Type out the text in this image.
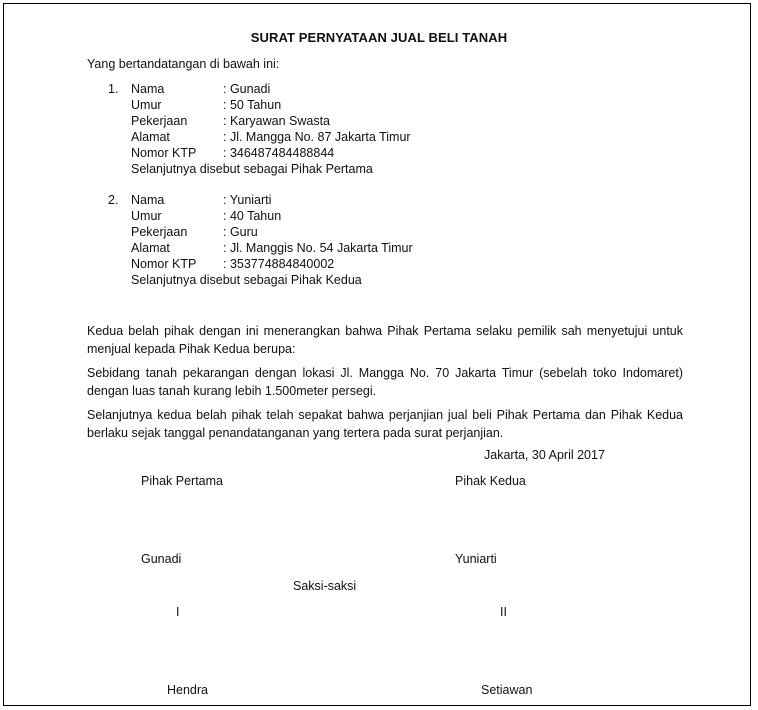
SURAT PERNYATAAN JUAL BELI TANAH
Yang bertandatangan di bawah ini:
1. Nama	: Gunadi
Umur	: 50 Tahun
Pekerjaan	: Karyawan Swasta
Alamat	: Jl. Mangga No. 87 Jakarta Timur
Nomor KTP : 346487484488844
Selanjutnya disebut sebagai Pihak Pertama
2. Nama	: Yuniarti
Umur	: 40 Tahun
Pekerjaan	: Guru
Alamat	: Jl. Manggis No. 54 Jakarta Timur
Nomor KTP : 353774884840002
Selanjutnya disebut sebagai Pihak Kedua
Kedua belah pihak dengan ini menerangkan bahwa Pihak Pertama selaku pemilik sah menyetujui untuk
menjual kepada Pihak Kedua berupa:
Sebidang tanah pekarangan dengan lokasi Jl. Mangga No. 70 Jakarta Timur (sebelah toko Indomaret)
dengan luas tanah kurang lebih 1.500meter persegi.
Selanjutnya kedua belah pihak telah sepakat bahwa perjanjian jual beli Pihak Pertama dan Pihak Kedua
berlaku sejak tanggal penandatanganan yang tertera pada surat perjanjian.
Jakarta, 30 April 2017
Pihak Pertama	Pihak Kedua
Gunadi	Yuniarti
Saksi-saksi
I	II
Hendra	Setiawan
